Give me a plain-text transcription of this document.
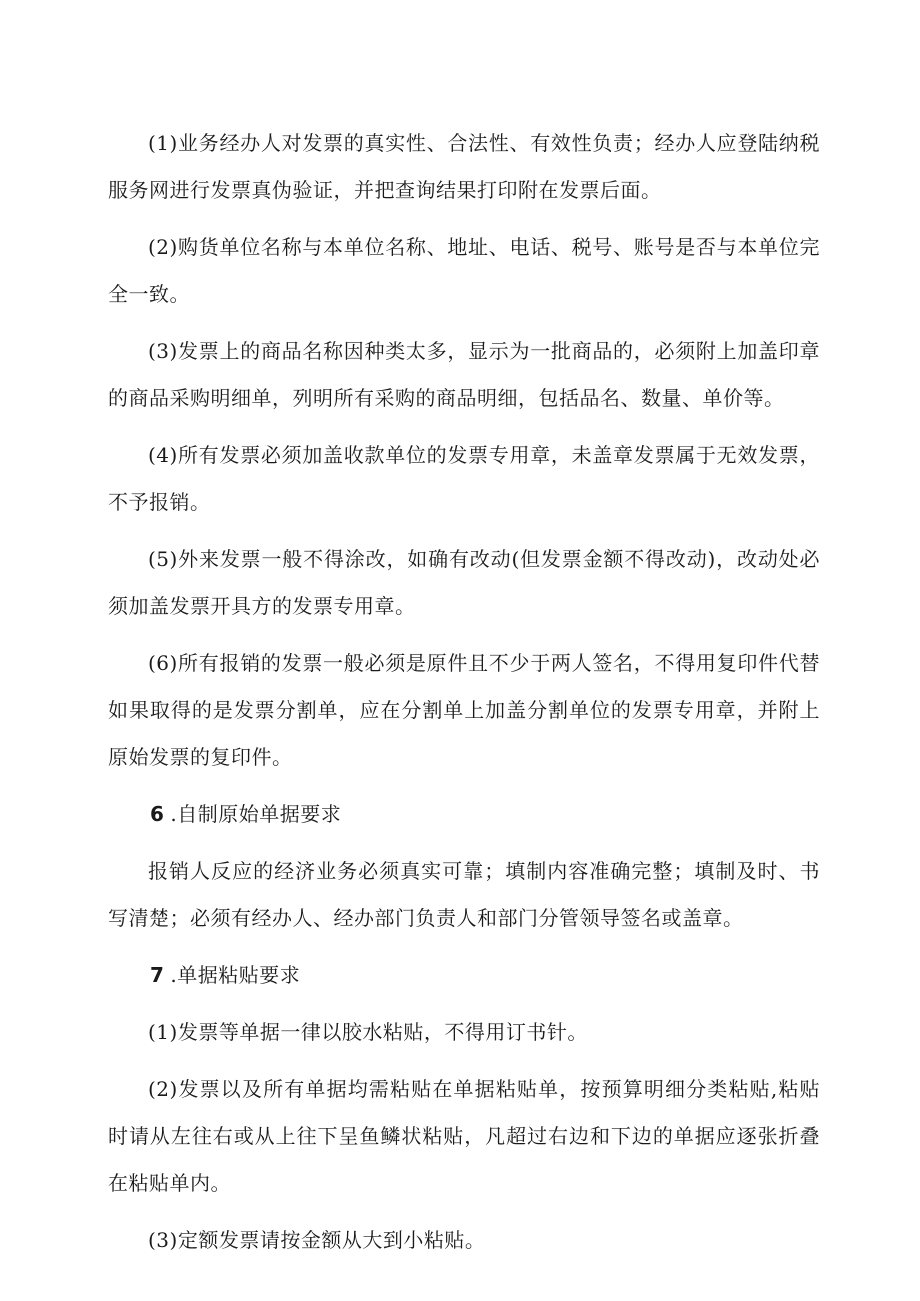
(1)业务经办人对发票的真实性、合法性、有效性负责；经办人应登陆纳税服务网进行发票真伪验证，并把查询结果打印附在发票后面。

(2)购货单位名称与本单位名称、地址、电话、税号、账号是否与本单位完全一致。

(3)发票上的商品名称因种类太多，显示为一批商品的，必须附上加盖印章的商品采购明细单，列明所有采购的商品明细，包括品名、数量、单价等。

(4)所有发票必须加盖收款单位的发票专用章，未盖章发票属于无效发票，不予报销。

(5)外来发票一般不得涂改，如确有改动(但发票金额不得改动)，改动处必须加盖发票开具方的发票专用章。

(6)所有报销的发票一般必须是原件且不少于两人签名，不得用复印件代替如果取得的是发票分割单，应在分割单上加盖分割单位的发票专用章，并附上原始发票的复印件。

6 .自制原始单据要求

报销人反应的经济业务必须真实可靠；填制内容准确完整；填制及时、书写清楚；必须有经办人、经办部门负责人和部门分管领导签名或盖章。

7 .单据粘贴要求

(1)发票等单据一律以胶水粘贴，不得用订书针。

(2)发票以及所有单据均需粘贴在单据粘贴单，按预算明细分类粘贴,粘贴时请从左往右或从上往下呈鱼鳞状粘贴，凡超过右边和下边的单据应逐张折叠在粘贴单内。

(3)定额发票请按金额从大到小粘贴。
